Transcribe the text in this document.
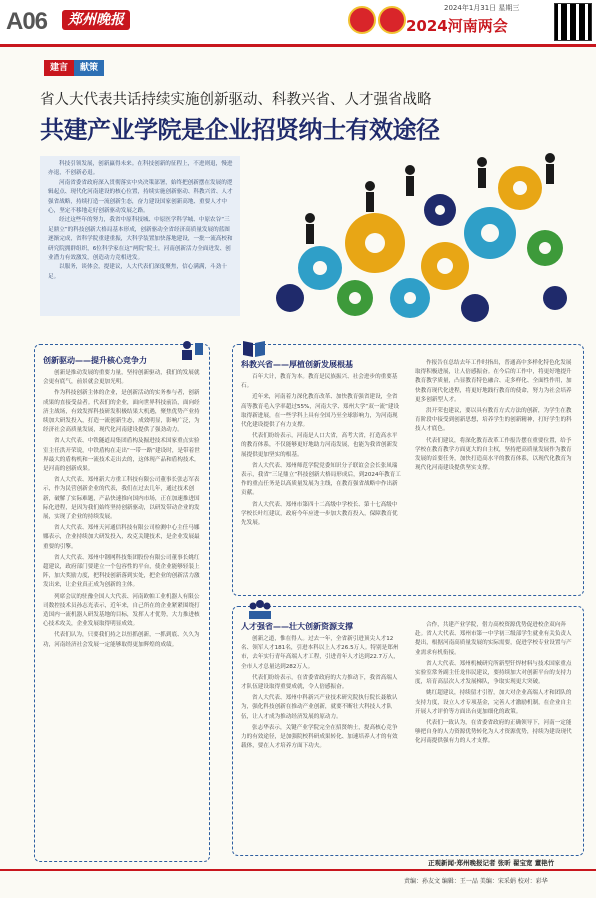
A06	郑州晚报
2024年1月31日 星期三
2024河南两会
建言	献策
省人大代表共话持续实施创新驱动、科教兴省、人才强省战略
共建产业学院是企业招贤纳士有效途径

科技引领发展，创新赢得未来。在科技创新的征程上，不进则退，慢进亦退，不创新必退。

河南省委省政府深入贯彻落实中央决策部署，始终把创新摆在发展的逻辑起点、现代化河南建设的核心位置，持续实施创新驱动、科教兴省、人才强省战略，持续打造一流创新生态，奋力建设国家创新高地、重要人才中心，坚定不移地走好创新驱动发展之路。

经过这些年的努力，我省中原科技城、中原医学科学城、中原农谷“三足鼎立”的科技创新大格局基本形成，创新驱动全省经济高质量发展的蓝图逐渐完成，省科学院重建重振，大科学装置加快落地建设，一批一流高校和研究院拥群组织，6位科学家在这“两院”院士，河南创新活力全面迸发、创业潜力有效激发，创造动力竞相迸发。

以服务，谈体会，提建议，人大代表们深度聚焦，信心满满，斗劲十足。

创新驱动——提升核心竞争力

创新是推动发展的重要力量，坚持创新驱动，我们的发展就会更有底气，前景就会更加光明。

作为科技创新主体的企业，是创新活动的实务参与者，创新成果的直接受益者。代表们的企业，面向世界科技前沿，面向经济主战场，有效发挥科技研发积极结果大机遇，聚焦优势产业持续加大研发投入，打造一流创新生态，成效明显，影响广泛，为经济社会高质量发展，现代化河南建设提供了强劲动力。

省人大代表、中铁隧道局集团盾构及掘进技术国家重点实验室主任洪开荣说，中铁盾构在走出“一带一路”建设时，是带着世界最大的盾构机和一流技术走出去的，这体现产品和盾构技术，是河南的创新成果。

省人大代表、郑州新大方重工科技有限公司董事长张志军表示，作为民营创新企业的代表，我们在过去几年，通过技术创新，破解了实际难题，产品快速推向国内市场，正在加速推进国际化进程，是因为我们始终坚持创新驱动，以研发带动企业的发展，实现了企业的持续发展。

省人大代表、郑州天河通信科技有限公司检测中心主任马娜娜表示，企业持续加大研发投入，攻克关键技术，是企业发展最重要的引擎。

省人大代表、郑州中钢网科技集团股份有限公司董事长姚红超建议，政府部门要建立一个包容性的平台，使企业能够轻装上阵，加大奖励力度，把科技创新落到实处，把企业的创新活力激发出来，让企业真正成为创新的主体。

列席会议的驻豫全国人大代表、河南欧帕工业机器人有限公司数控技术员孙志光表示，近年来，自己所在的企业紧紧围绕打造国内一流机器人研发基地的目标，发挥人才优势，大力推进核心技术攻关，企业发展取得明显成效。

代表们认为，只要我们持之以恒抓创新，一抓到底、久久为功，河南经济社会发展一定能够取得更加辉煌的成绩。

科教兴省——厚植创新发展根基

百年大计，教育为本。教育是民族振兴、社会进步的重要基石。

近年来，河南着力深化教育改革、加快教育强省建设，全省高等教育毛入学率超过55%，河南大学、郑州大学“双一流”建设取得新进展，在一些学科上具有全国乃至全球影响力，为河南现代化建设提供了有力支撑。

代表们纷纷表示，河南是人口大省，高考大省，打造高水平的教育体系，不仅能够更好地助力河南发展，也能为我省创新发展提供更加坚实的根基。

省人大代表、郑州师范学院党委知识分子联谊会会长张凤瑞表示，我省“三足鼎立”科技创新大格局形成后，到2024年教育工作的重点任务是以高质量发展为主线，在教育强省战略中作出新贡献。

省人大代表、郑州市第四十二高级中学校长、第十七高级中学校长叶红建议，政府今年应进一步加大教育投入，保障教育优先发展。

作报告在总结去年工作时指出，普通高中多样化特色化发展取得积极进展，让人倍感振奋。在今后的工作中，将更好地提升教育教学质量，凸显教育特色融合、走多样化、全面性作用，加快教育现代化进程，将更好地践行教育的使命，努力为社会培养更多创新型人才。

洪开荣也建议，要以具有教育方式方法的创新，为学生在教育阶段中接受到创新思想，培养学生的创新精神，打好学生的科技人才底色。

代表们建议，将深化教育改革工作报告摆在重要位置，给予学校在教育教学方面更大的自主权，坚持把高质量发展作为教育发展的首要任务，加快打造高水平的教育体系，以现代化教育为现代化河南建设提供坚实支撑。

人才强省——壮大创新资源支撑

创新之道，惟在得人。过去一年，全省新引进顶尖人才12名、领军人才181名，引进本科以上人才26.5万人。特别是郑州市，去年实行青年高端人才工程，引进青年人才达到22.7万人，全市人才总量达到282万人。

代表们纷纷表示，在省委省政府的大力推动下，我省高端人才队伍建设取得重要成就，令人倍感振奋。

省人大代表、郑州中科新兴产业技术研究院执行院长聂敏认为，强化科技创新在推动产业创新，就要不断壮大科技人才队伍，让人才成为推动经济发展的原动力。

张志华表示，关键产业学院完全在招贤纳士，提高核心竞争力的有效途径，是加强院校科研成果转化、加速培养人才的有效载体，要在人才培养方面下功夫。

合作，共建产业学院，借力高校资源优势促进校企双向奔赴。省人大代表、郑州市第一中学初三级部学生就业有关负责人提出，根据河南高质量发展的实际需要，促进学校专业设置与产业需求有机衔接。

省人大代表、郑州机械研究所新型钎焊材料与技术国家重点实验室常务副主任龙伟民建议，要持续加大对创新平台的支持力度，培育高层次人才发展梯队，争取实现更大突破。

姚红超建议，持续留才引智，加大对企业高端人才和团队的支持力度，设立人才专项基金，完善人才激励机制，在企业自主开展人才评价等方面出台更加细化的政策。

代表们一致认为，在省委省政府的正确领导下，河南一定能够把自身的人力资源优势转化为人才资源优势，持续为建设现代化河南提供强有力的人才支撑。

正观新闻·郑州晚报记者 张昕 翟宝宽 董艳竹
责编：孙友文 编辑：王一品 美编：宋采娟 校对：彩华
